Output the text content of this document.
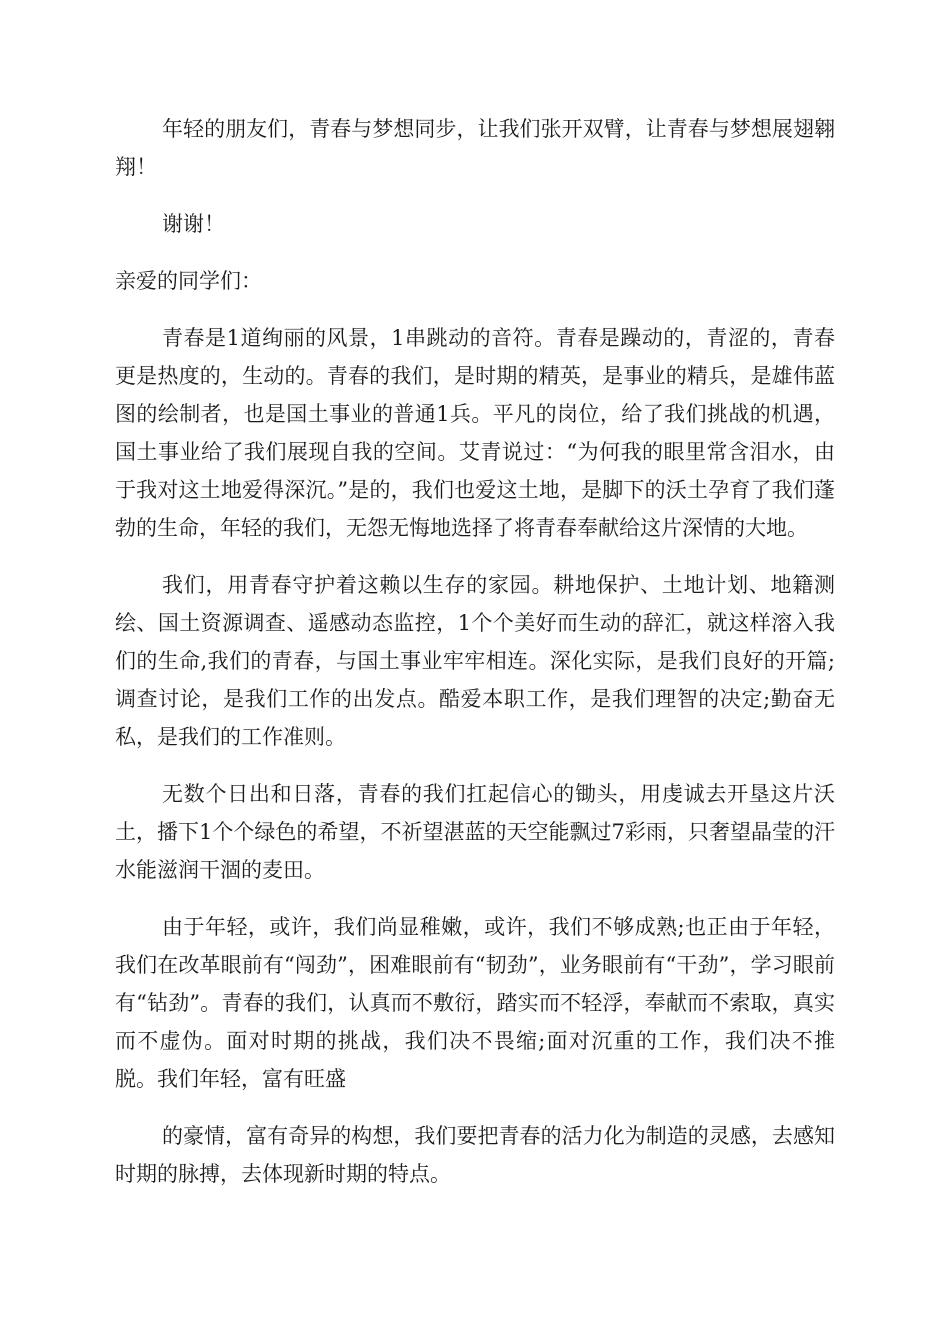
年轻的朋友们，青春与梦想同步，让我们张开双臂，让青春与梦想展翅翱翔！

谢谢！

亲爱的同学们：

青春是1道绚丽的风景，1串跳动的音符。青春是躁动的，青涩的，青春更是热度的，生动的。青春的我们，是时期的精英，是事业的精兵，是雄伟蓝图的绘制者，也是国土事业的普通1兵。平凡的岗位，给了我们挑战的机遇，国土事业给了我们展现自我的空间。艾青说过：“为何我的眼里常含泪水，由于我对这土地爱得深沉。”是的，我们也爱这土地，是脚下的沃土孕育了我们蓬勃的生命，年轻的我们，无怨无悔地选择了将青春奉献给这片深情的大地。

我们，用青春守护着这赖以生存的家园。耕地保护、土地计划、地籍测绘、国土资源调查、遥感动态监控，1个个美好而生动的辞汇，就这样溶入我们的生命,我们的青春，与国土事业牢牢相连。深化实际，是我们良好的开篇;调查讨论，是我们工作的出发点。酷爱本职工作，是我们理智的决定;勤奋无私，是我们的工作准则。

无数个日出和日落，青春的我们扛起信心的锄头，用虔诚去开垦这片沃土，播下1个个绿色的希望，不祈望湛蓝的天空能飘过7彩雨，只奢望晶莹的汗水能滋润干涸的麦田。

由于年轻，或许，我们尚显稚嫩，或许，我们不够成熟;也正由于年轻，我们在改革眼前有“闯劲”，困难眼前有“韧劲”，业务眼前有“干劲”，学习眼前有“钻劲”。青春的我们，认真而不敷衍，踏实而不轻浮，奉献而不索取，真实而不虚伪。面对时期的挑战，我们决不畏缩;面对沉重的工作，我们决不推脱。我们年轻，富有旺盛

的豪情，富有奇异的构想，我们要把青春的活力化为制造的灵感，去感知时期的脉搏，去体现新时期的特点。
